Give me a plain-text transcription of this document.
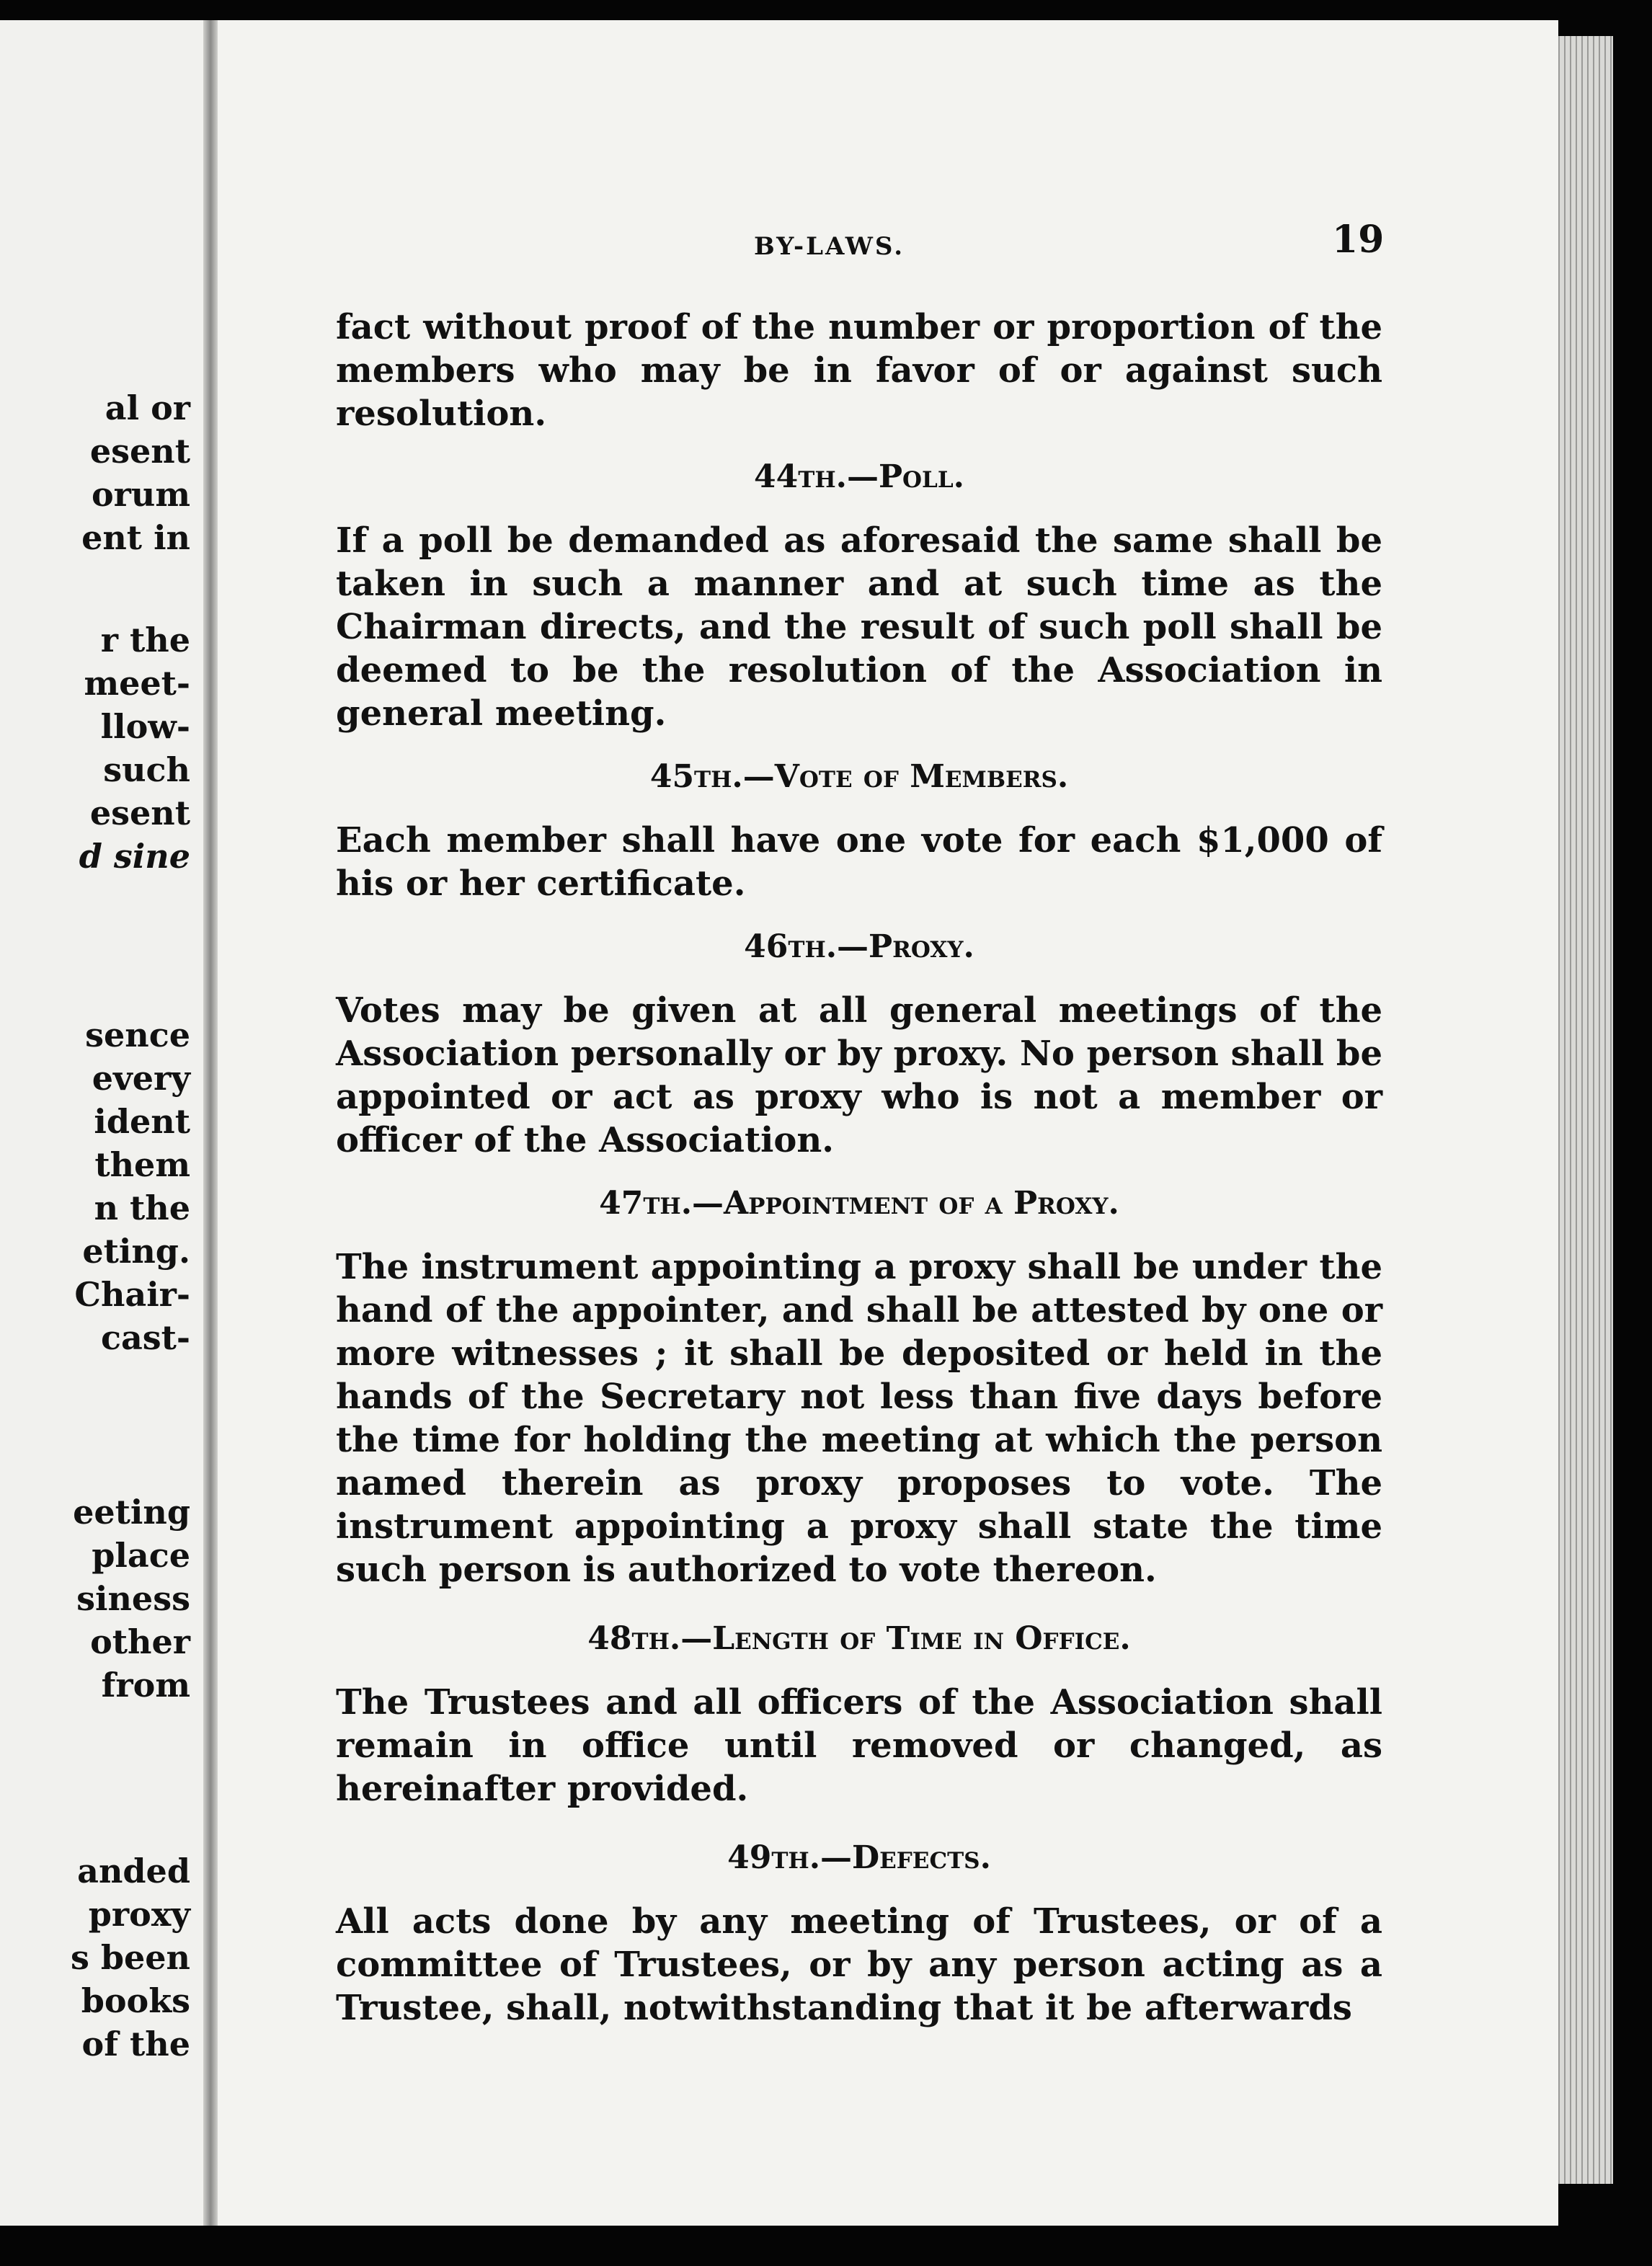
al or
esent
orum
ent in
r the
meet-
llow-
such
esent
d sine
sence
every
ident
them
n the
eting.
Chair-
cast-
eeting
place
siness
other
from
anded
proxy
s been
books
of the
BY-LAWS.	19

fact without proof of the number or proportion of the members who may be in favor of or against such resolution.

44th.—Poll.

If a poll be demanded as aforesaid the same shall be taken in such a manner and at such time as the Chairman directs, and the result of such poll shall be deemed to be the resolution of the Association in general meeting.

45th.—Vote of Members.

Each member shall have one vote for each $1,000 of his or her certificate.

46th.—Proxy.

Votes may be given at all general meetings of the Association personally or by proxy. No person shall be appointed or act as proxy who is not a member or officer of the Association.

47th.—Appointment of a Proxy.

The instrument appointing a proxy shall be under the hand of the appointer, and shall be attested by one or more witnesses ; it shall be deposited or held in the hands of the Secretary not less than five days before the time for holding the meeting at which the person named therein as proxy proposes to vote. The instrument appointing a proxy shall state the time such person is authorized to vote thereon.

48th.—Length of Time in Office.

The Trustees and all officers of the Association shall remain in office until removed or changed, as hereinafter provided.

49th.—Defects.

All acts done by any meeting of Trustees, or of a committee of Trustees, or by any person acting as a Trustee, shall, notwithstanding that it be afterwards
